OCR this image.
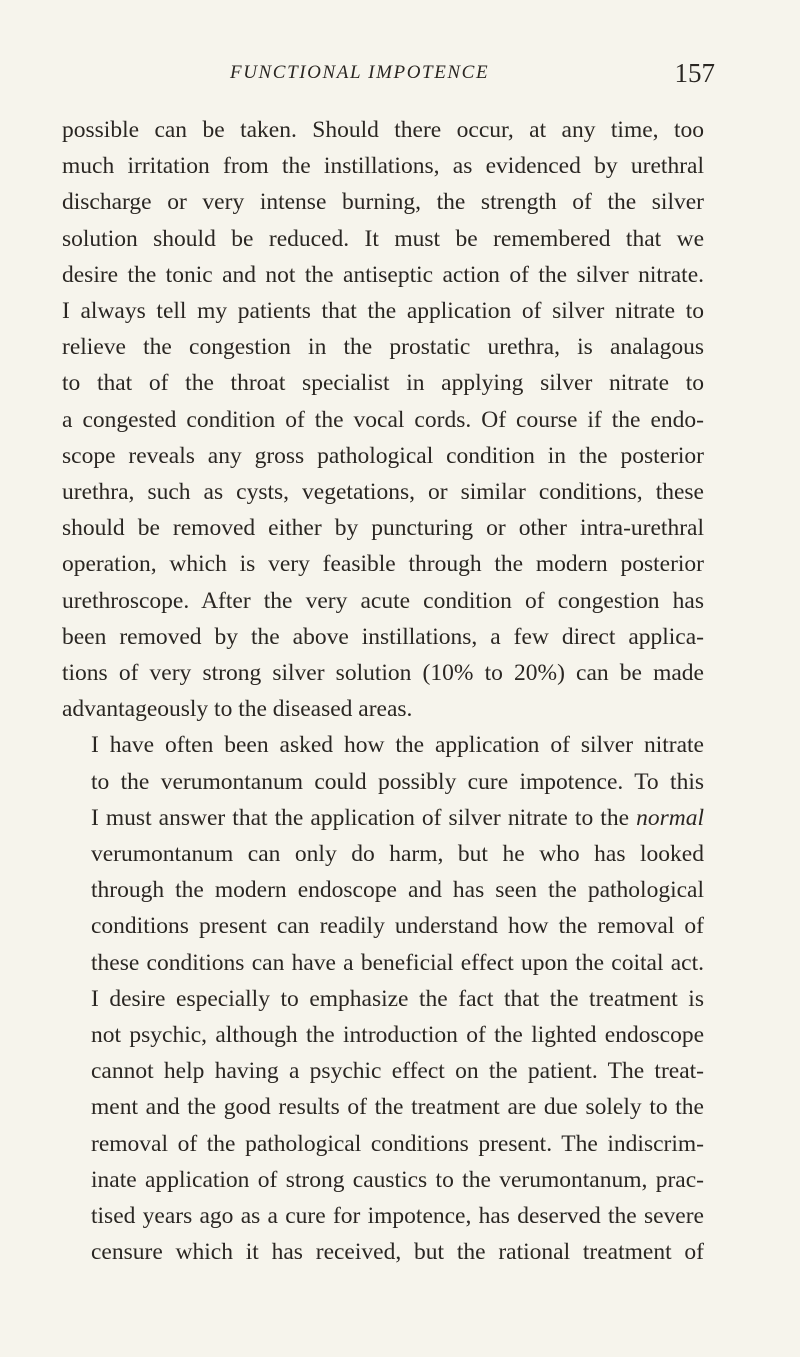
FUNCTIONAL IMPOTENCE	157

possible can be taken. Should there occur, at any time, too
much irritation from the instillations, as evidenced by urethral
discharge or very intense burning, the strength of the silver
solution should be reduced. It must be remembered that we
desire the tonic and not the antiseptic action of the silver nitrate.
I always tell my patients that the application of silver nitrate to
relieve the congestion in the prostatic urethra, is analagous
to that of the throat specialist in applying silver nitrate to
a congested condition of the vocal cords. Of course if the endo-
scope reveals any gross pathological condition in the posterior
urethra, such as cysts, vegetations, or similar conditions, these
should be removed either by puncturing or other intra-urethral
operation, which is very feasible through the modern posterior
urethroscope. After the very acute condition of congestion has
been removed by the above instillations, a few direct applica-
tions of very strong silver solution (10% to 20%) can be made
advantageously to the diseased areas.

I have often been asked how the application of silver nitrate
to the verumontanum could possibly cure impotence. To this
I must answer that the application of silver nitrate to the normal
verumontanum can only do harm, but he who has looked
through the modern endoscope and has seen the pathological
conditions present can readily understand how the removal of
these conditions can have a beneficial effect upon the coital act.
I desire especially to emphasize the fact that the treatment is
not psychic, although the introduction of the lighted endoscope
cannot help having a psychic effect on the patient. The treat-
ment and the good results of the treatment are due solely to the
removal of the pathological conditions present. The indiscrim-
inate application of strong caustics to the verumontanum, prac-
tised years ago as a cure for impotence, has deserved the severe
censure which it has received, but the rational treatment of
